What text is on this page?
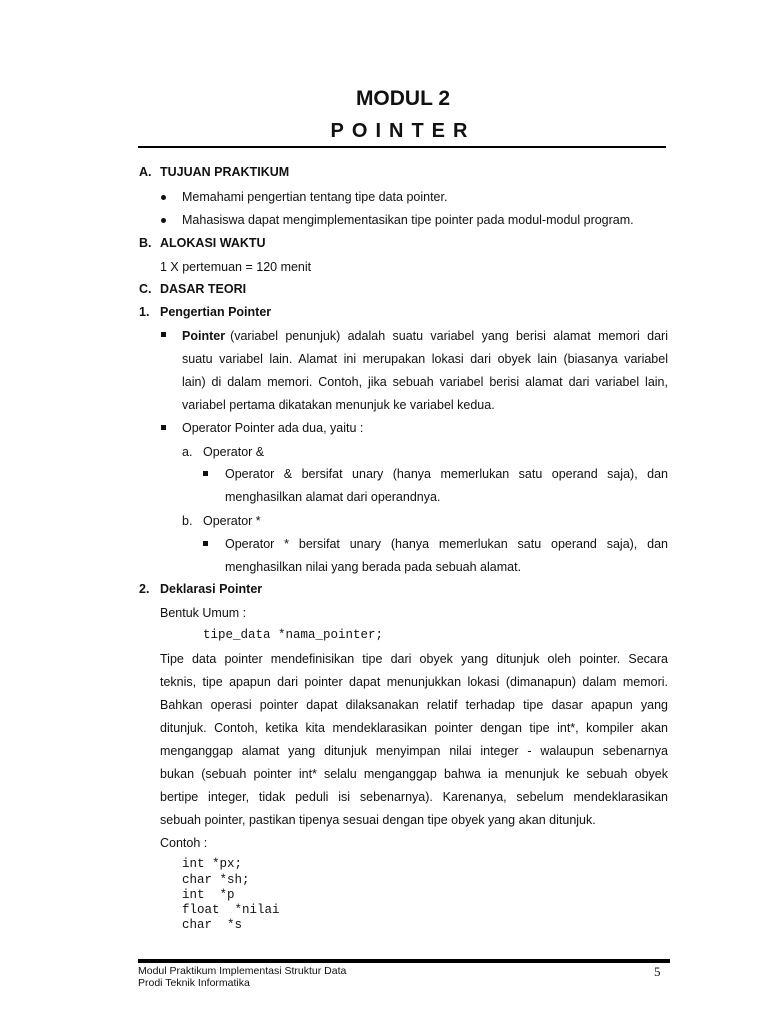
MODUL 2
POINTER
A. TUJUAN PRAKTIKUM
Memahami pengertian tentang tipe data pointer.
Mahasiswa dapat mengimplementasikan tipe pointer pada modul-modul program.
B. ALOKASI WAKTU
1 X pertemuan = 120 menit
C. DASAR TEORI
1. Pengertian Pointer
Pointer (variabel penunjuk) adalah suatu variabel yang berisi alamat memori dari
suatu variabel lain. Alamat ini merupakan lokasi dari obyek lain (biasanya variabel
lain) di dalam memori. Contoh, jika sebuah variabel berisi alamat dari variabel lain,
variabel pertama dikatakan menunjuk ke variabel kedua.
Operator Pointer ada dua, yaitu :
a. Operator &
Operator & bersifat unary (hanya memerlukan satu operand saja), dan
menghasilkan alamat dari operandnya.
b. Operator *
Operator * bersifat unary (hanya memerlukan satu operand saja), dan
menghasilkan nilai yang berada pada sebuah alamat.
2. Deklarasi Pointer
Bentuk Umum :
tipe_data *nama_pointer;
Tipe data pointer mendefinisikan tipe dari obyek yang ditunjuk oleh pointer. Secara
teknis, tipe apapun dari pointer dapat menunjukkan lokasi (dimanapun) dalam memori.
Bahkan operasi pointer dapat dilaksanakan relatif terhadap tipe dasar apapun yang
ditunjuk. Contoh, ketika kita mendeklarasikan pointer dengan tipe int*, kompiler akan
menganggap alamat yang ditunjuk menyimpan nilai integer - walaupun sebenarnya
bukan (sebuah pointer int* selalu menganggap bahwa ia menunjuk ke sebuah obyek
bertipe integer, tidak peduli isi sebenarnya). Karenanya, sebelum mendeklarasikan
sebuah pointer, pastikan tipenya sesuai dengan tipe obyek yang akan ditunjuk.
Contoh :
int *px;
char *sh;
int  *p
float  *nilai
char  *s
Modul Praktikum Implementasi Struktur Data
Prodi Teknik Informatika
5
